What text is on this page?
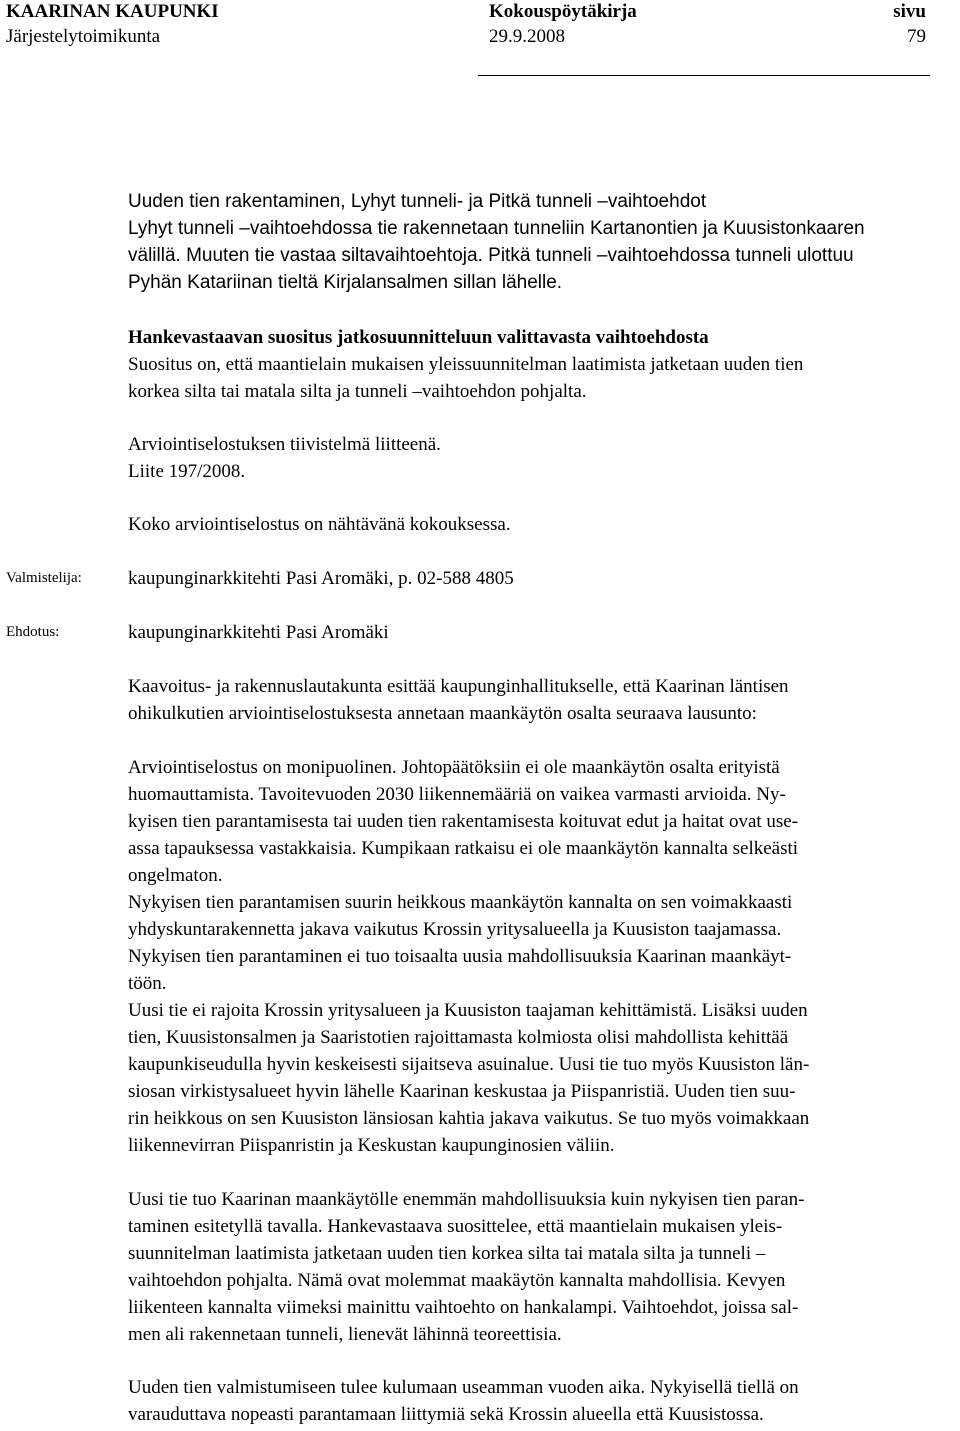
KAARINAN KAUPUNKI	Kokouspöytäkirja	sivu
Järjestelytoimikunta	29.9.2008	79

Uuden tien rakentaminen, Lyhyt tunneli- ja Pitkä tunneli –vaihtoehdot

Lyhyt tunneli –vaihtoehdossa tie rakennetaan tunneliin Kartanontien ja Kuusistonkaaren

välillä. Muuten tie vastaa siltavaihtoehtoja. Pitkä tunneli –vaihtoehdossa tunneli ulottuu

Pyhän Katariinan tieltä Kirjalansalmen sillan lähelle.

Hankevastaavan suositus jatkosuunnitteluun valittavasta vaihtoehdosta

Suositus on, että maantielain mukaisen yleissuunnitelman laatimista jatketaan uuden tien

korkea silta tai matala silta ja tunneli –vaihtoehdon pohjalta.

Arviointiselostuksen tiivistelmä liitteenä.

Liite 197/2008.

Koko arviointiselostus on nähtävänä kokouksessa.

Valmistelija: kaupunginarkkitehti Pasi Aromäki, p. 02-588 4805
Ehdotus:	kaupunginarkkitehti Pasi Aromäki

Kaavoitus- ja rakennuslautakunta esittää kaupunginhallitukselle, että Kaarinan läntisen

ohikulkutien arviointiselostuksesta annetaan maankäytön osalta seuraava lausunto:

Arviointiselostus on monipuolinen. Johtopäätöksiin ei ole maankäytön osalta erityistä

huomauttamista. Tavoitevuoden 2030 liikennemääriä on vaikea varmasti arvioida. Ny-

kyisen tien parantamisesta tai uuden tien rakentamisesta koituvat edut ja haitat ovat use-

assa tapauksessa vastakkaisia. Kumpikaan ratkaisu ei ole maankäytön kannalta selkeästi

ongelmaton.

Nykyisen tien parantamisen suurin heikkous maankäytön kannalta on sen voimakkaasti

yhdyskuntarakennetta jakava vaikutus Krossin yritysalueella ja Kuusiston taajamassa.

Nykyisen tien parantaminen ei tuo toisaalta uusia mahdollisuuksia Kaarinan maankäyt-

töön.

Uusi tie ei rajoita Krossin yritysalueen ja Kuusiston taajaman kehittämistä. Lisäksi uuden

tien, Kuusistonsalmen ja Saaristotien rajoittamasta kolmiosta olisi mahdollista kehittää

kaupunkiseudulla hyvin keskeisesti sijaitseva asuinalue. Uusi tie tuo myös Kuusiston län-

siosan virkistysalueet hyvin lähelle Kaarinan keskustaa ja Piispanristiä. Uuden tien suu-

rin heikkous on sen Kuusiston länsiosan kahtia jakava vaikutus. Se tuo myös voimakkaan

liikennevirran Piispanristin ja Keskustan kaupunginosien väliin.

Uusi tie tuo Kaarinan maankäytölle enemmän mahdollisuuksia kuin nykyisen tien paran-

taminen esitetyllä tavalla. Hankevastaava suosittelee, että maantielain mukaisen yleis-

suunnitelman laatimista jatketaan uuden tien korkea silta tai matala silta ja tunneli –

vaihtoehdon pohjalta. Nämä ovat molemmat maakäytön kannalta mahdollisia. Kevyen

liikenteen kannalta viimeksi mainittu vaihtoehto on hankalampi. Vaihtoehdot, joissa sal-

men ali rakennetaan tunneli, lienevät lähinnä teoreettisia.

Uuden tien valmistumiseen tulee kulumaan useamman vuoden aika. Nykyisellä tiellä on

varauduttava nopeasti parantamaan liittymiä sekä Krossin alueella että Kuusistossa.
